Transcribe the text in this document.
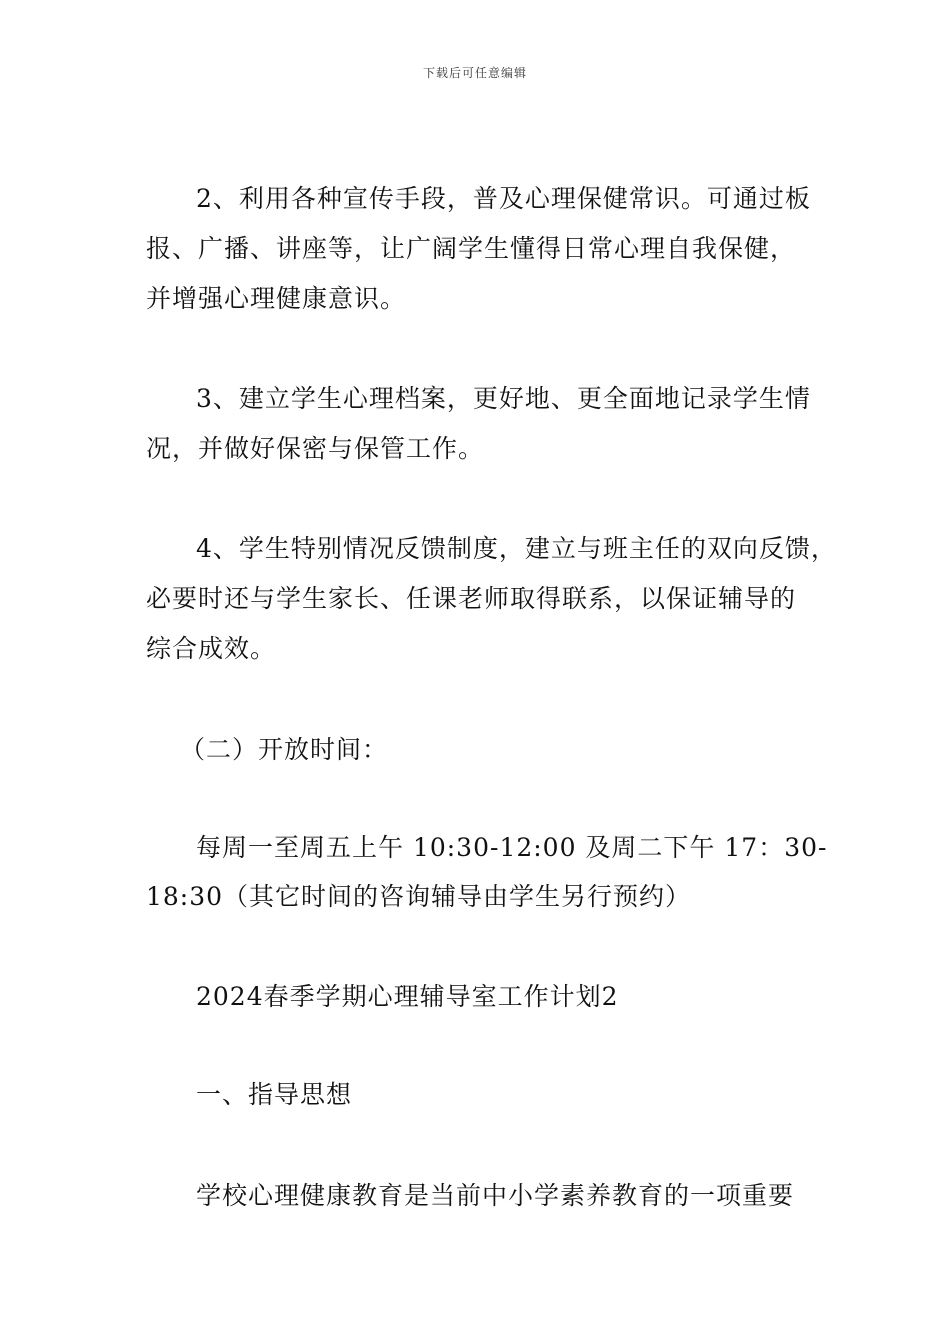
下载后可任意编辑
2、利用各种宣传手段，普及心理保健常识。可通过板
报、广播、讲座等，让广阔学生懂得日常心理自我保健，
并增强心理健康意识。
3、建立学生心理档案，更好地、更全面地记录学生情
况，并做好保密与保管工作。
4、学生特别情况反馈制度，建立与班主任的双向反馈，
必要时还与学生家长、任课老师取得联系，以保证辅导的
综合成效。
（二）开放时间：
每周一至周五上午 10:30-12:00 及周二下午 17：30-
18:30（其它时间的咨询辅导由学生另行预约）
2024春季学期心理辅导室工作计划2
一、指导思想
学校心理健康教育是当前中小学素养教育的一项重要
